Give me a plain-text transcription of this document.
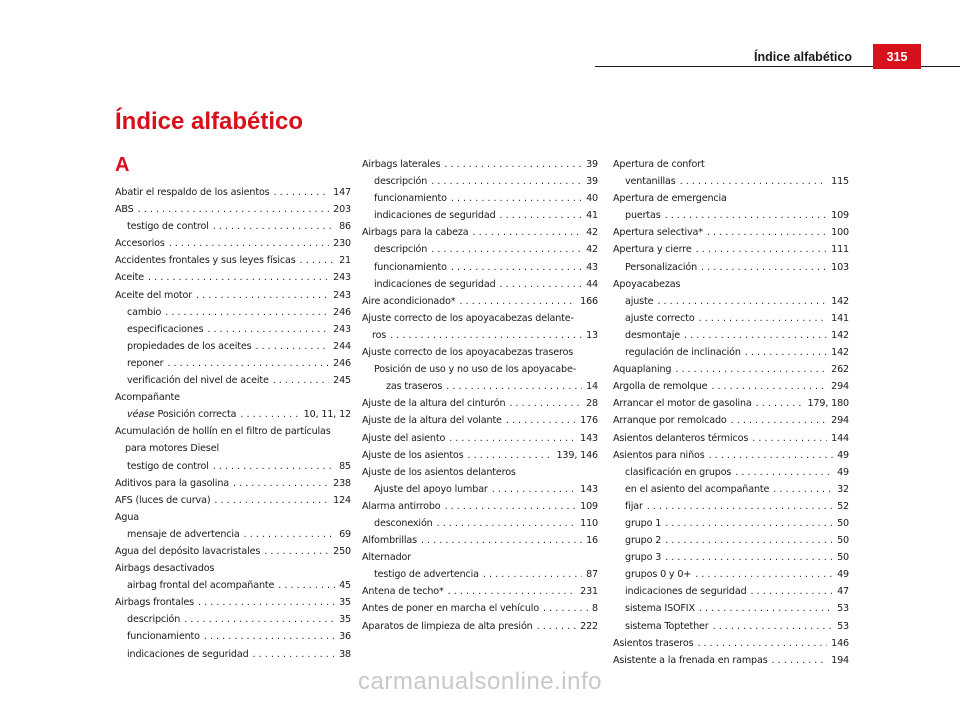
Índice alfabético	315
Índice alfabético
A
Abatir el respaldo de los asientos . . .	147
ABS . . .	203
testigo de control . . .	86
Accesorios . . .	230
Accidentes frontales y sus leyes físicas . . .	21
Aceite . . .	243
Aceite del motor . . .	243
cambio . . .	246
especificaciones . . .	243
propiedades de los aceites . . .	244
reponer . . .	246
verificación del nivel de aceite . . .	245
Acompañante
véase Posición correcta . . .	10, 11, 12
Acumulación de hollín en el filtro de partículas
para motores Diesel
testigo de control . . .	85
Aditivos para la gasolina . . .	238
AFS (luces de curva) . . .	124
Agua
mensaje de advertencia . . .	69
Agua del depósito lavacristales . . .	250
Airbags desactivados
airbag frontal del acompañante . . .	45
Airbags frontales . . .	35
descripción . . .	35
funcionamiento . . .	36
indicaciones de seguridad . . .	38
Airbags laterales . . .	39
descripción . . .	39
funcionamiento . . .	40
indicaciones de seguridad . . .	41
Airbags para la cabeza . . .	42
descripción . . .	42
funcionamiento . . .	43
indicaciones de seguridad . . .	44
Aire acondicionado* . . .	166
Ajuste correcto de los apoyacabezas delante-
ros . . .	13
Ajuste correcto de los apoyacabezas traseros
Posición de uso y no uso de los apoyacabe-
zas traseros . . .	14
Ajuste de la altura del cinturón . . .	28
Ajuste de la altura del volante . . .	176
Ajuste del asiento . . .	143
Ajuste de los asientos . . .	139, 146
Ajuste de los asientos delanteros
Ajuste del apoyo lumbar . . .	143
Alarma antirrobo . . .	109
desconexión . . .	110
Alfombrillas . . .	16
Alternador
testigo de advertencia . . .	87
Antena de techo* . . .	231
Antes de poner en marcha el vehículo . . .	8
Aparatos de limpieza de alta presión . . .	222
Apertura de confort
ventanillas . . .	115
Apertura de emergencia
puertas . . .	109
Apertura selectiva* . . .	100
Apertura y cierre . . .	111
Personalización . . .	103
Apoyacabezas
ajuste . . .	142
ajuste correcto . . .	141
desmontaje . . .	142
regulación de inclinación . . .	142
Aquaplaning . . .	262
Argolla de remolque . . .	294
Arrancar el motor de gasolina . . .	179, 180
Arranque por remolcado . . .	294
Asientos delanteros térmicos . . .	144
Asientos para niños . . .	49
clasificación en grupos . . .	49
en el asiento del acompañante . . .	32
fijar . . .	52
grupo 1 . . .	50
grupo 2 . . .	50
grupo 3 . . .	50
grupos 0 y 0+ . . .	49
indicaciones de seguridad . . .	47
sistema ISOFIX . . .	53
sistema Toptether . . .	53
Asientos traseros . . .	146
Asistente a la frenada en rampas . . .	194
carmanualsonline.info
